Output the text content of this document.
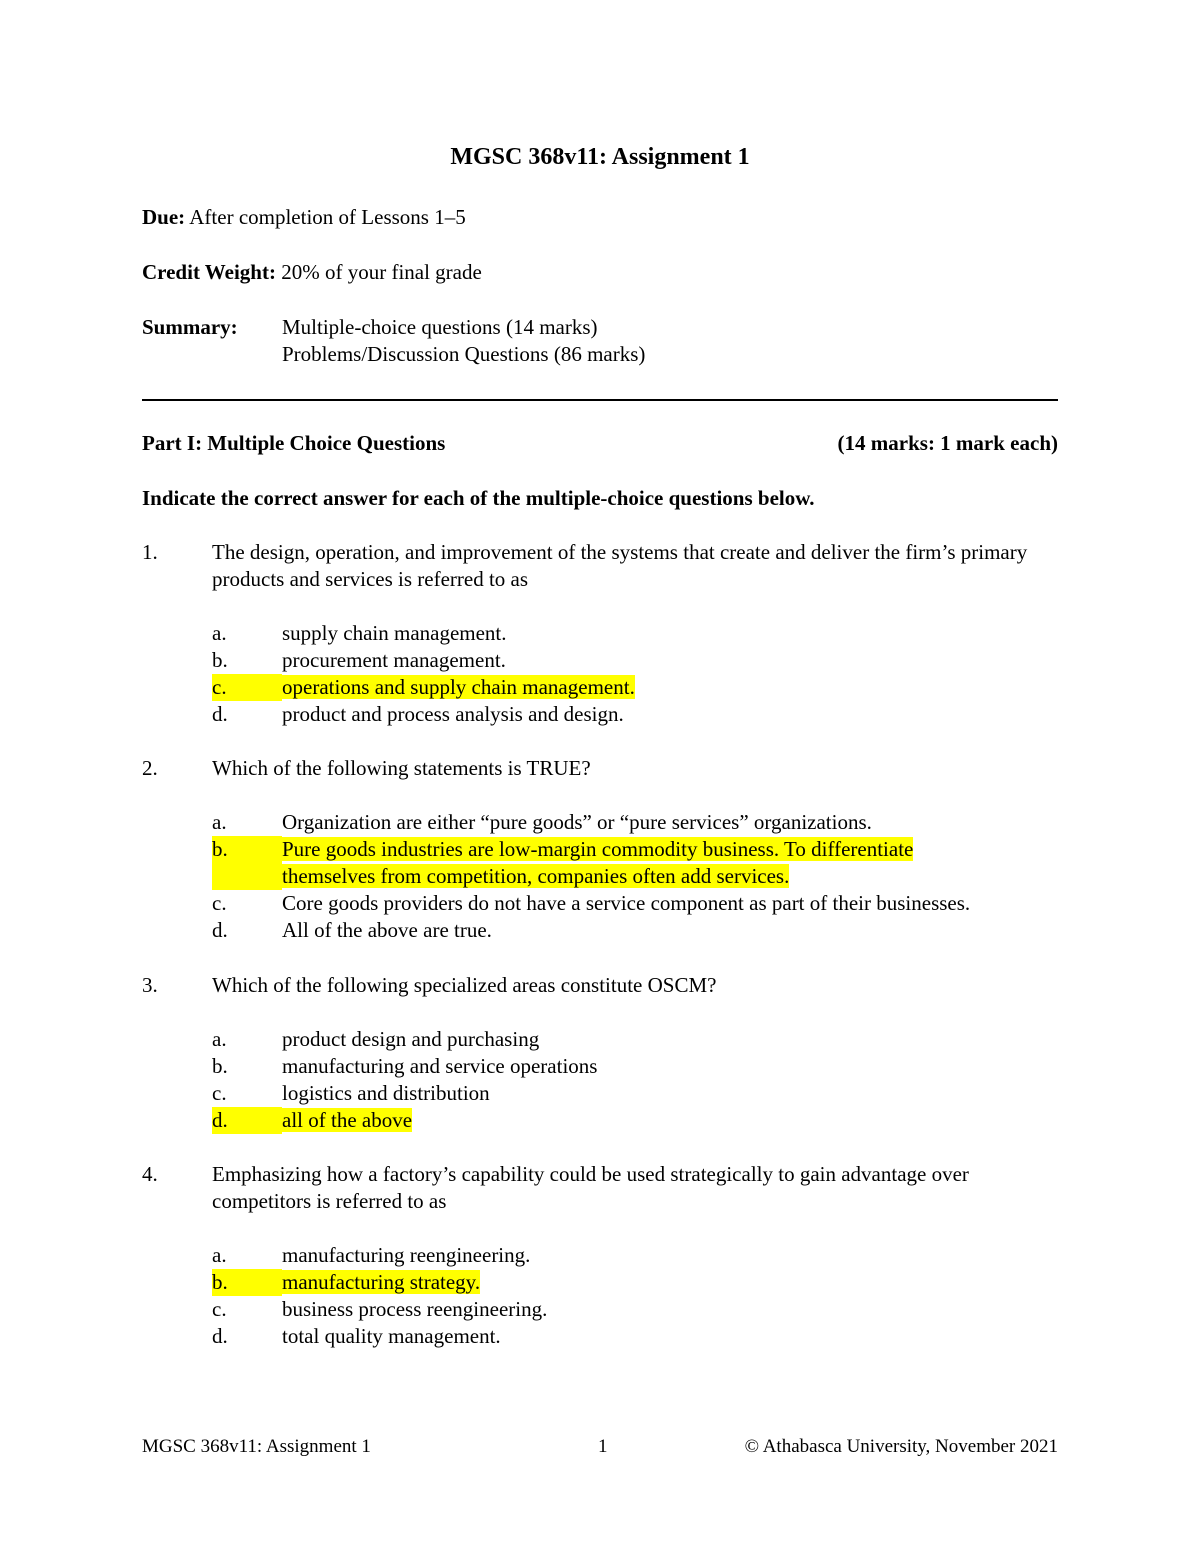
MGSC 368v11: Assignment 1
Due: After completion of Lessons 1–5
Credit Weight: 20% of your final grade
Summary: Multiple-choice questions (14 marks)
Problems/Discussion Questions (86 marks)
Part I: Multiple Choice Questions	(14 marks: 1 mark each)
Indicate the correct answer for each of the multiple-choice questions below.
1.	The design, operation, and improvement of the systems that create and deliver the firm’s primary products and services is referred to as
a.	supply chain management.
b.	procurement management.
c.	operations and supply chain management.
d.	product and process analysis and design.
2.	Which of the following statements is TRUE?
a.	Organization are either “pure goods” or “pure services” organizations.
b.	Pure goods industries are low-margin commodity business. To differentiate themselves from competition, companies often add services.
c.	Core goods providers do not have a service component as part of their businesses.
d.	All of the above are true.
3.	Which of the following specialized areas constitute OSCM?
a.	product design and purchasing
b.	manufacturing and service operations
c.	logistics and distribution
d.	all of the above
4.	Emphasizing how a factory’s capability could be used strategically to gain advantage over competitors is referred to as
a.	manufacturing reengineering.
b.	manufacturing strategy.
c.	business process reengineering.
d.	total quality management.
MGSC 368v11: Assignment 1	1	© Athabasca University, November 2021
